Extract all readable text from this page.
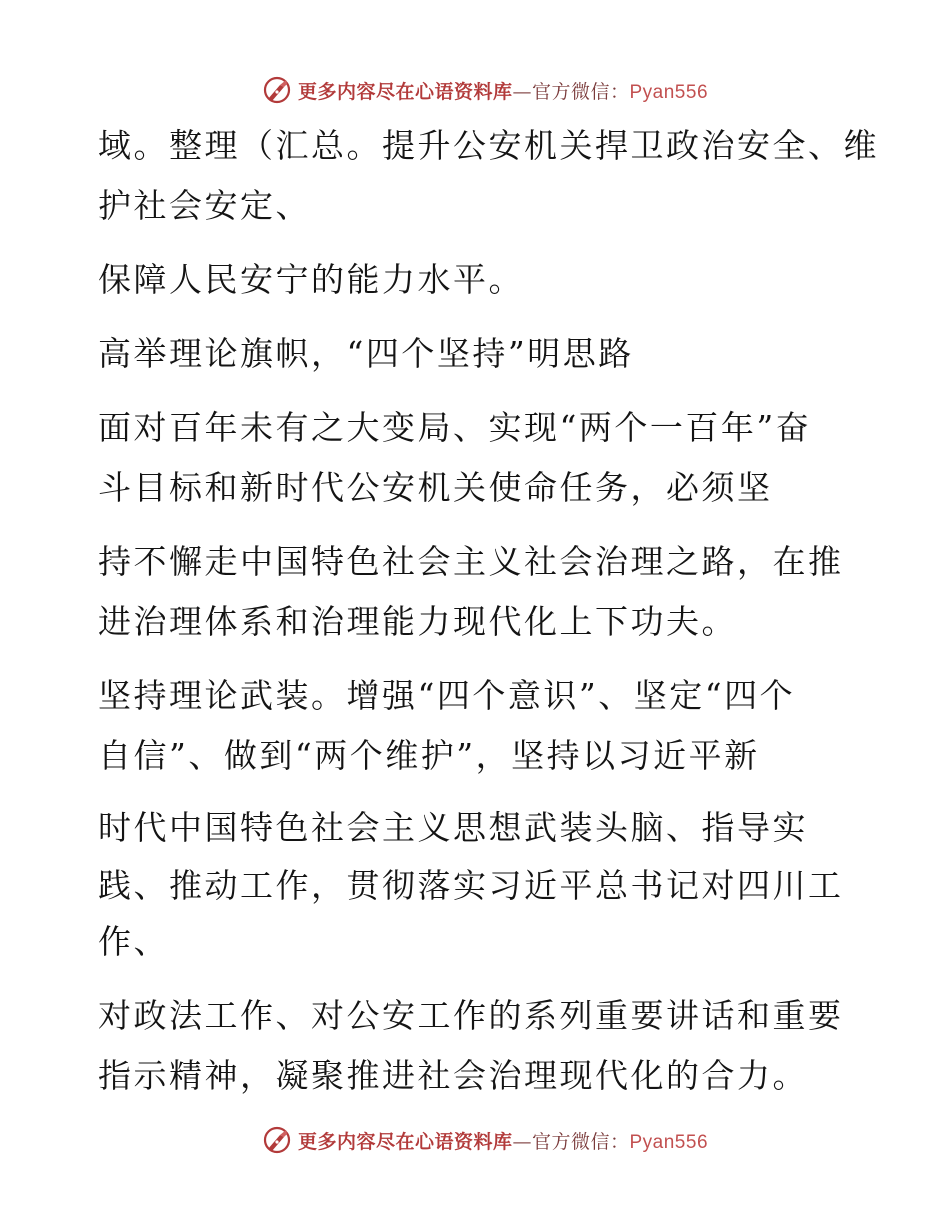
更多内容尽在心语资料库—官方微信：Pyan556
域。整理（汇总。提升公安机关捍卫政治安全、维
护社会安定、
保障人民安宁的能力水平。
高举理论旗帜，“四个坚持”明思路
面对百年未有之大变局、实现“两个一百年”奋
斗目标和新时代公安机关使命任务，必须坚
持不懈走中国特色社会主义社会治理之路，在推
进治理体系和治理能力现代化上下功夫。
坚持理论武装。增强“四个意识”、坚定“四个
自信”、做到“两个维护”，坚持以习近平新
时代中国特色社会主义思想武装头脑、指导实
践、推动工作，贯彻落实习近平总书记对四川工
作、
对政法工作、对公安工作的系列重要讲话和重要
指示精神，凝聚推进社会治理现代化的合力。
更多内容尽在心语资料库—官方微信：Pyan556
